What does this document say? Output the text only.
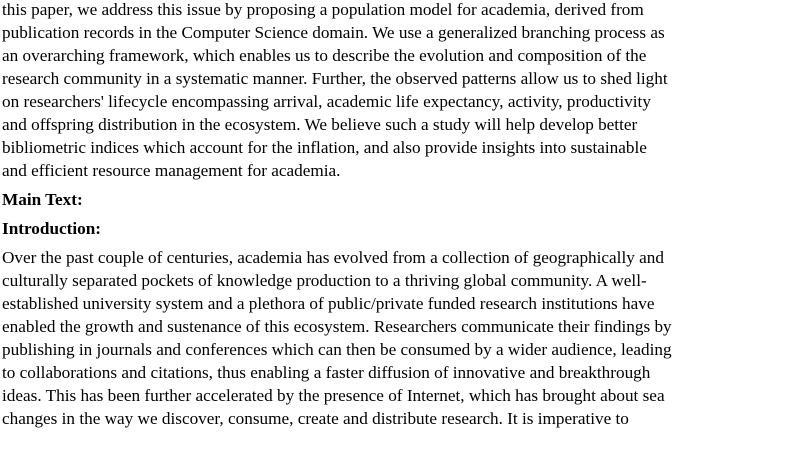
this paper, we address this issue by proposing a population model for academia, derived from
publication records in the Computer Science domain. We use a generalized branching process as
an overarching framework, which enables us to describe the evolution and composition of the
research community in a systematic manner. Further, the observed patterns allow us to shed light
on researchers' lifecycle encompassing arrival, academic life expectancy, activity, productivity
and offspring distribution in the ecosystem. We believe such a study will help develop better
bibliometric indices which account for the inflation, and also provide insights into sustainable
and efficient resource management for academia.
Main Text:
Introduction:
Over the past couple of centuries, academia has evolved from a collection of geographically and
culturally separated pockets of knowledge production to a thriving global community. A well-
established university system and a plethora of public/private funded research institutions have
enabled the growth and sustenance of this ecosystem. Researchers communicate their findings by
publishing in journals and conferences which can then be consumed by a wider audience, leading
to collaborations and citations, thus enabling a faster diffusion of innovative and breakthrough
ideas. This has been further accelerated by the presence of Internet, which has brought about sea
changes in the way we discover, consume, create and distribute research. It is imperative to
